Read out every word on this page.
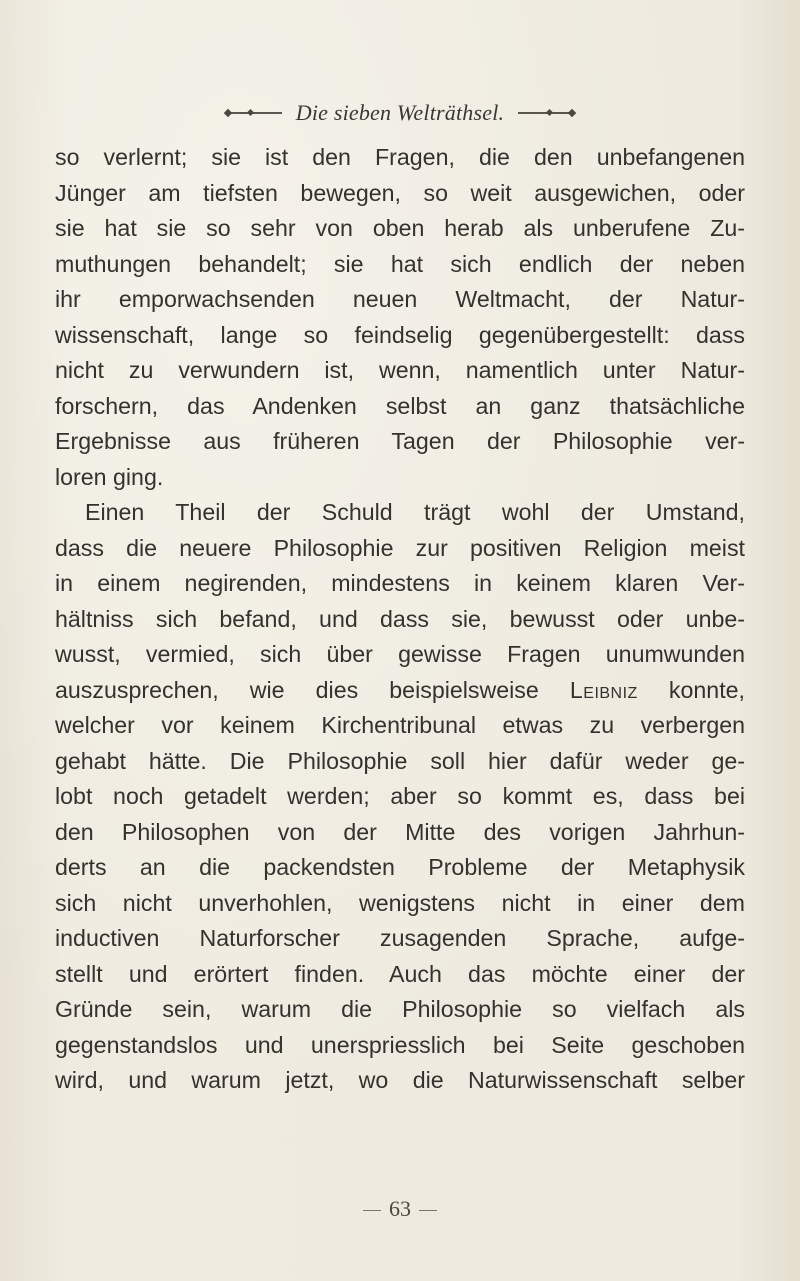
Die sieben Welträthsel.
so verlernt; sie ist den Fragen, die den unbefangenen
Jünger am tiefsten bewegen, so weit ausgewichen, oder
sie hat sie so sehr von oben herab als unberufene Zu-
muthungen behandelt; sie hat sich endlich der neben
ihr emporwachsenden neuen Weltmacht, der Natur-
wissenschaft, lange so feindselig gegenübergestellt: dass
nicht zu verwundern ist, wenn, namentlich unter Natur-
forschern, das Andenken selbst an ganz thatsächliche
Ergebnisse aus früheren Tagen der Philosophie ver-
loren ging.
Einen Theil der Schuld trägt wohl der Umstand,
dass die neuere Philosophie zur positiven Religion meist
in einem negirenden, mindestens in keinem klaren Ver-
hältniss sich befand, und dass sie, bewusst oder unbe-
wusst, vermied, sich über gewisse Fragen unumwunden
auszusprechen, wie dies beispielsweise Leibniz konnte,
welcher vor keinem Kirchentribunal etwas zu verbergen
gehabt hätte. Die Philosophie soll hier dafür weder ge-
lobt noch getadelt werden; aber so kommt es, dass bei
den Philosophen von der Mitte des vorigen Jahrhun-
derts an die packendsten Probleme der Metaphysik
sich nicht unverhohlen, wenigstens nicht in einer dem
inductiven Naturforscher zusagenden Sprache, aufge-
stellt und erörtert finden. Auch das möchte einer der
Gründe sein, warum die Philosophie so vielfach als
gegenstandslos und unerspriesslich bei Seite geschoben
wird, und warum jetzt, wo die Naturwissenschaft selber
63
